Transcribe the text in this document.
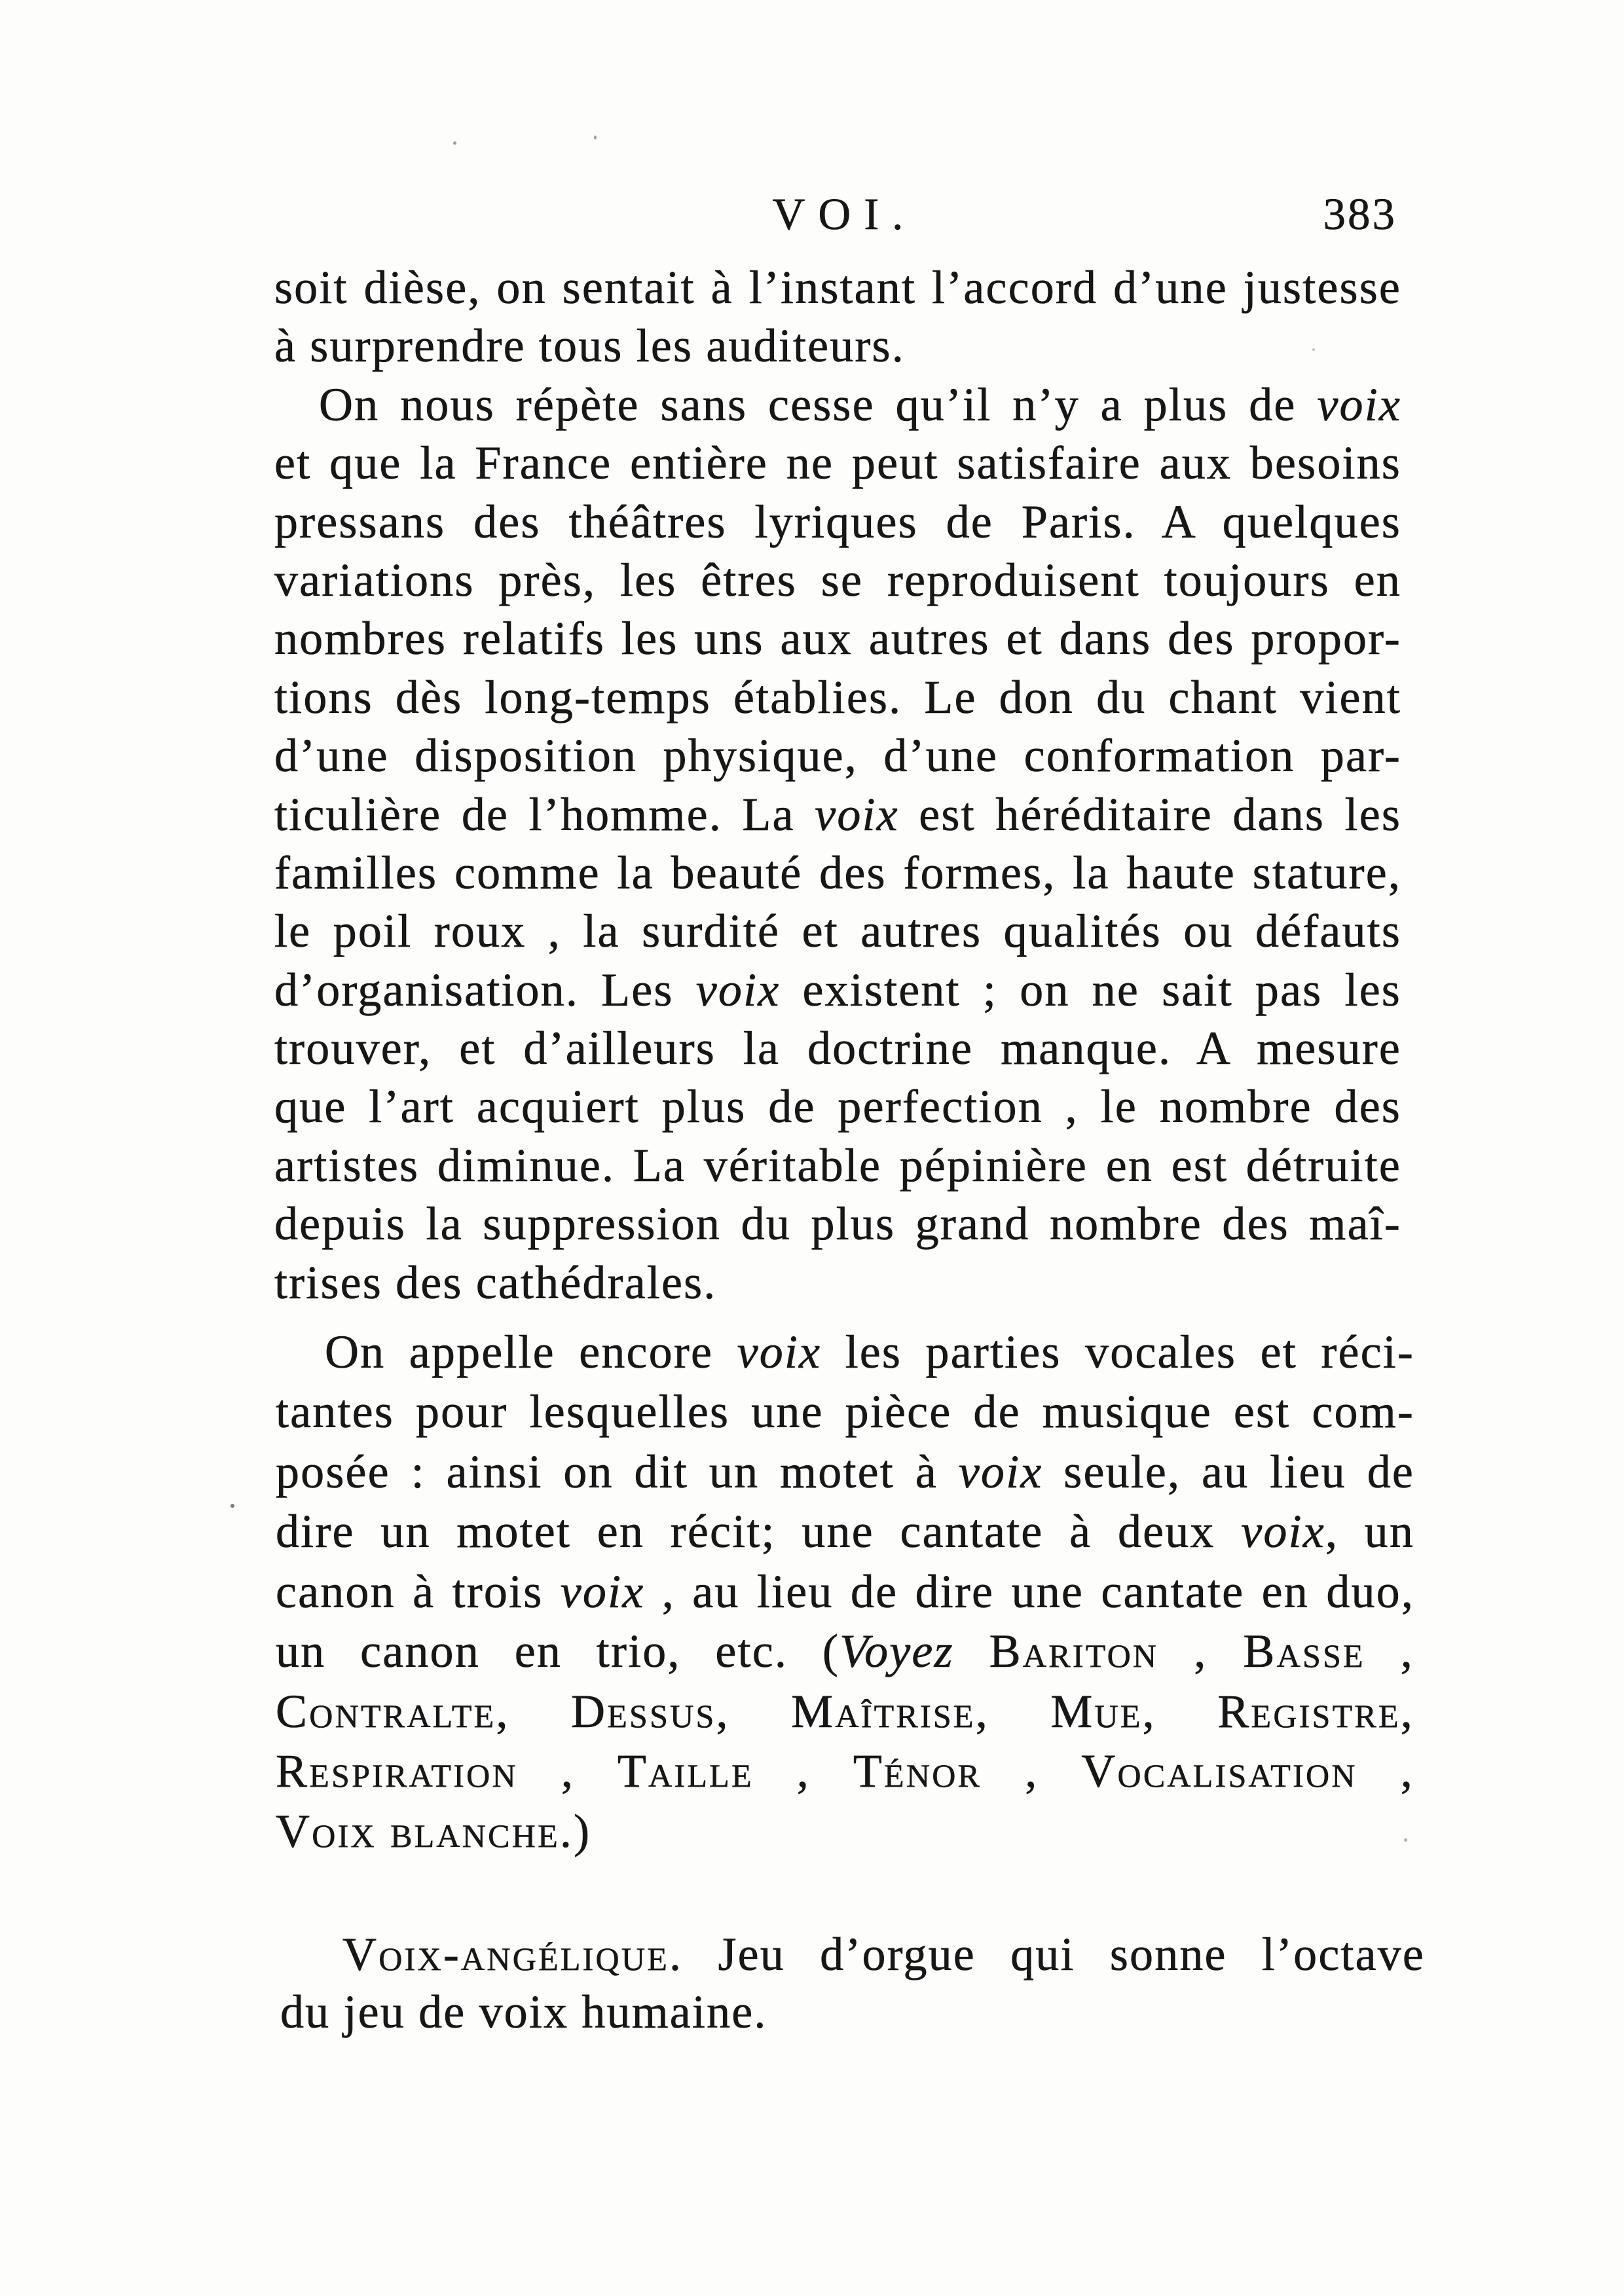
VOI.	383
soit dièse, on sentait à l’instant l’accord d’une justesse
à surprendre tous les auditeurs.
On nous répète sans cesse qu’il n’y a plus de voix
et que la France entière ne peut satisfaire aux besoins
pressans des théâtres lyriques de Paris. A quelques
variations près, les êtres se reproduisent toujours en
nombres relatifs les uns aux autres et dans des propor-
tions dès long-temps établies. Le don du chant vient
d’une disposition physique, d’une conformation par-
ticulière de l’homme. La voix est héréditaire dans les
familles comme la beauté des formes, la haute stature,
le poil roux , la surdité et autres qualités ou défauts
d’organisation. Les voix existent ; on ne sait pas les
trouver, et d’ailleurs la doctrine manque. A mesure
que l’art acquiert plus de perfection , le nombre des
artistes diminue. La véritable pépinière en est détruite
depuis la suppression du plus grand nombre des maî-
trises des cathédrales.
On appelle encore voix les parties vocales et réci-
tantes pour lesquelles une pièce de musique est com-
posée : ainsi on dit un motet à voix seule, au lieu de
dire un motet en récit; une cantate à deux voix, un
canon à trois voix , au lieu de dire une cantate en duo,
un canon en trio, etc. (Voyez Bariton , Basse ,
Contralte, Dessus, Maîtrise, Mue, Registre,
Respiration , Taille , Ténor , Vocalisation ,
Voix blanche.)
Voix-angélique. Jeu d’orgue qui sonne l’octave
du jeu de voix humaine.
